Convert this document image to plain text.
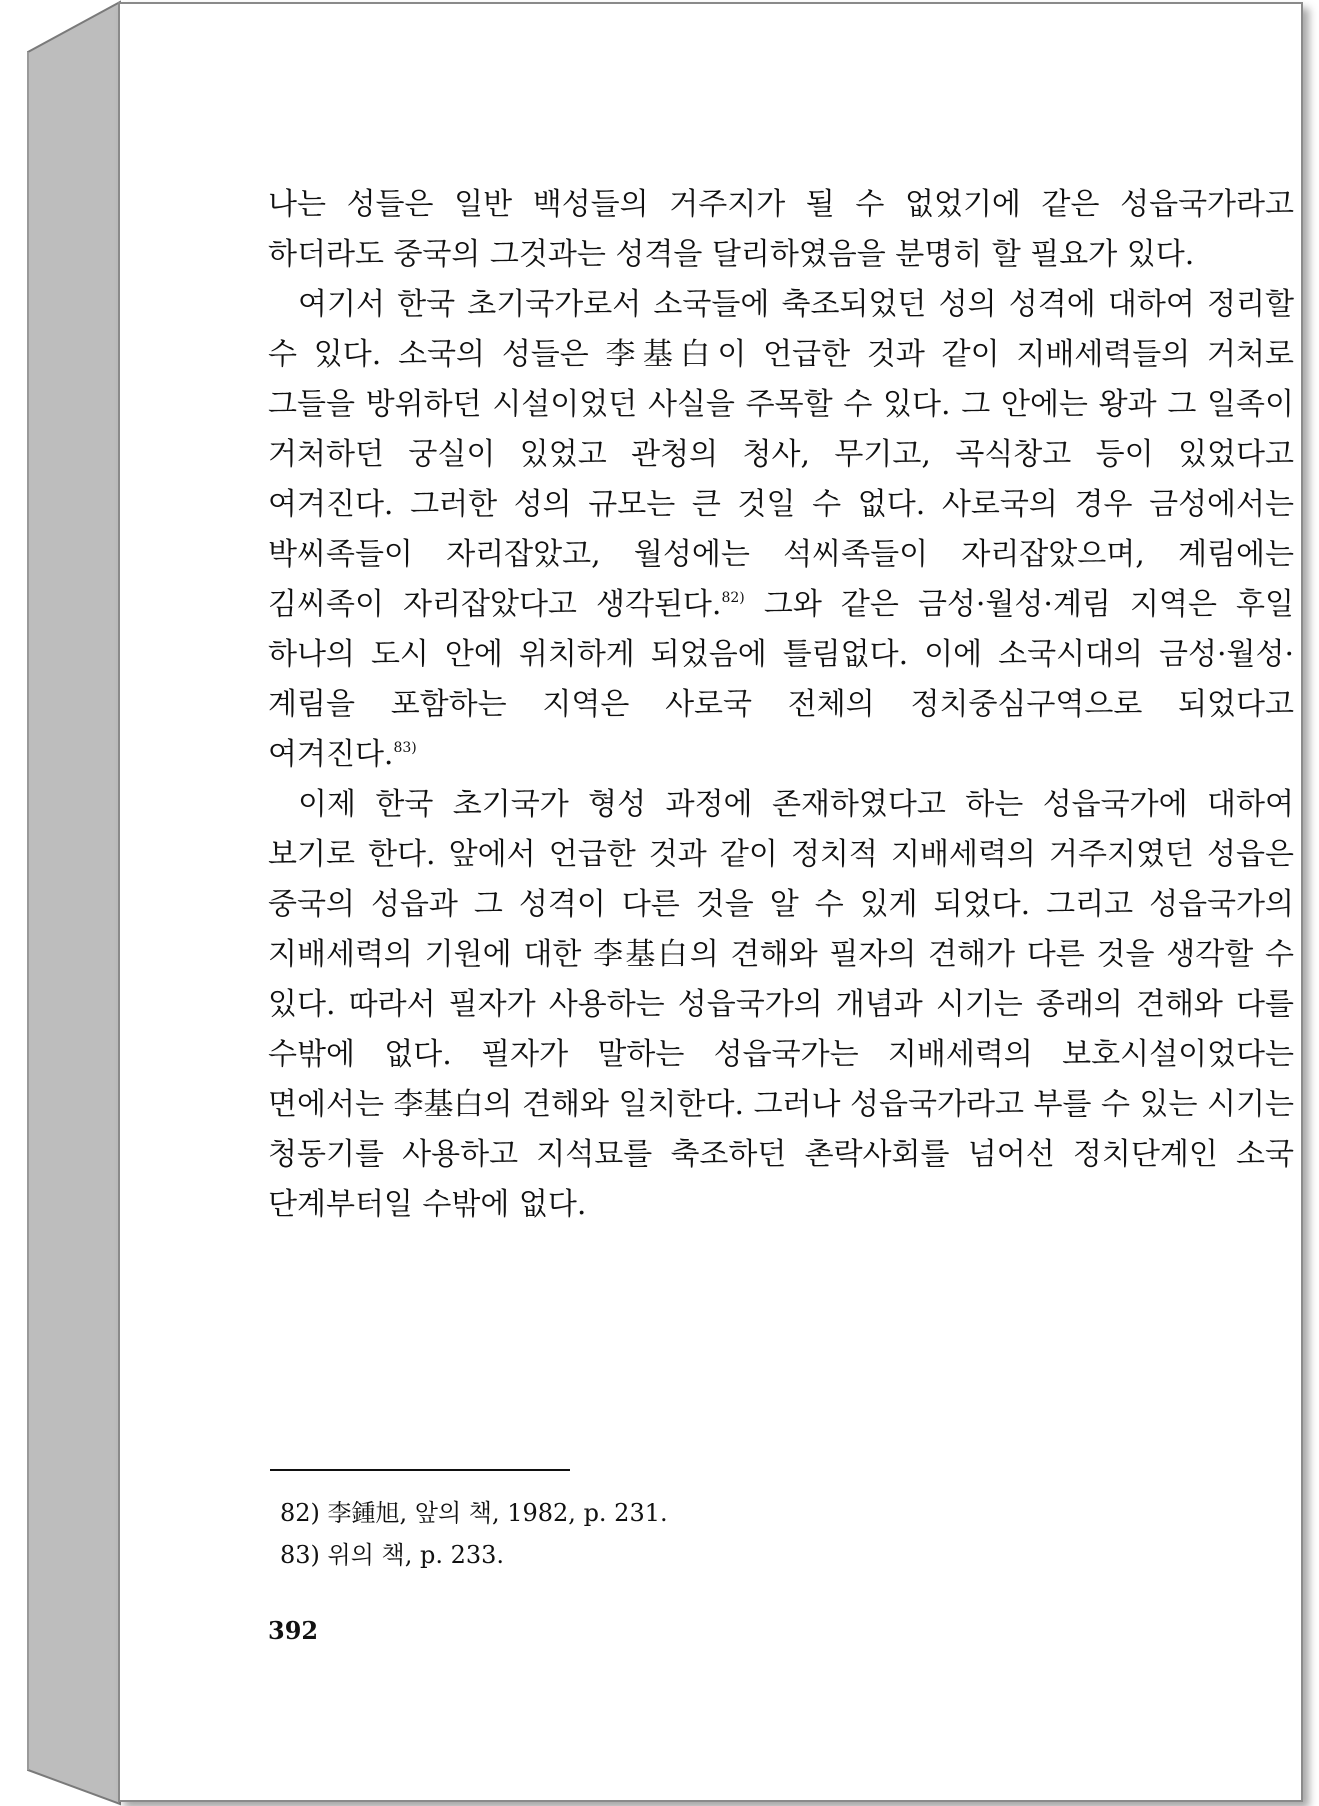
나는 성들은 일반 백성들의 거주지가 될 수 없었기에 같은 성읍국가라고 하더라도 중국의 그것과는 성격을 달리하였음을 분명히 할 필요가 있다.

여기서 한국 초기국가로서 소국들에 축조되었던 성의 성격에 대하여 정리할 수 있다. 소국의 성들은 李基白이 언급한 것과 같이 지배세력들의 거처로 그들을 방위하던 시설이었던 사실을 주목할 수 있다. 그 안에는 왕과 그 일족이 거처하던 궁실이 있었고 관청의 청사, 무기고, 곡식창고 등이 있었다고 여겨진다. 그러한 성의 규모는 큰 것일 수 없다. 사로국의 경우 금성에서는 박씨족들이 자리잡았고, 월성에는 석씨족들이 자리잡았으며, 계림에는 김씨족이 자리잡았다고 생각된다.$^{82)}$ 그와 같은 금성·월성·계림 지역은 후일 하나의 도시 안에 위치하게 되었음에 틀림없다. 이에 소국시대의 금성·월성·계림을 포함하는 지역은 사로국 전체의 정치중심구역으로 되었다고 여겨진다.$^{83)}$

이제 한국 초기국가 형성 과정에 존재하였다고 하는 성읍국가에 대하여 보기로 한다. 앞에서 언급한 것과 같이 정치적 지배세력의 거주지였던 성읍은 중국의 성읍과 그 성격이 다른 것을 알 수 있게 되었다. 그리고 성읍국가의 지배세력의 기원에 대한 李基白의 견해와 필자의 견해가 다른 것을 생각할 수 있다. 따라서 필자가 사용하는 성읍국가의 개념과 시기는 종래의 견해와 다를 수밖에 없다. 필자가 말하는 성읍국가는 지배세력의 보호시설이었다는 면에서는 李基白의 견해와 일치한다. 그러나 성읍국가라고 부를 수 있는 시기는 청동기를 사용하고 지석묘를 축조하던 촌락사회를 넘어선 정치단계인 소국 단계부터일 수밖에 없다.

82) 李鍾旭, 앞의 책, 1982, p. 231.

83) 위의 책, p. 233.

392
